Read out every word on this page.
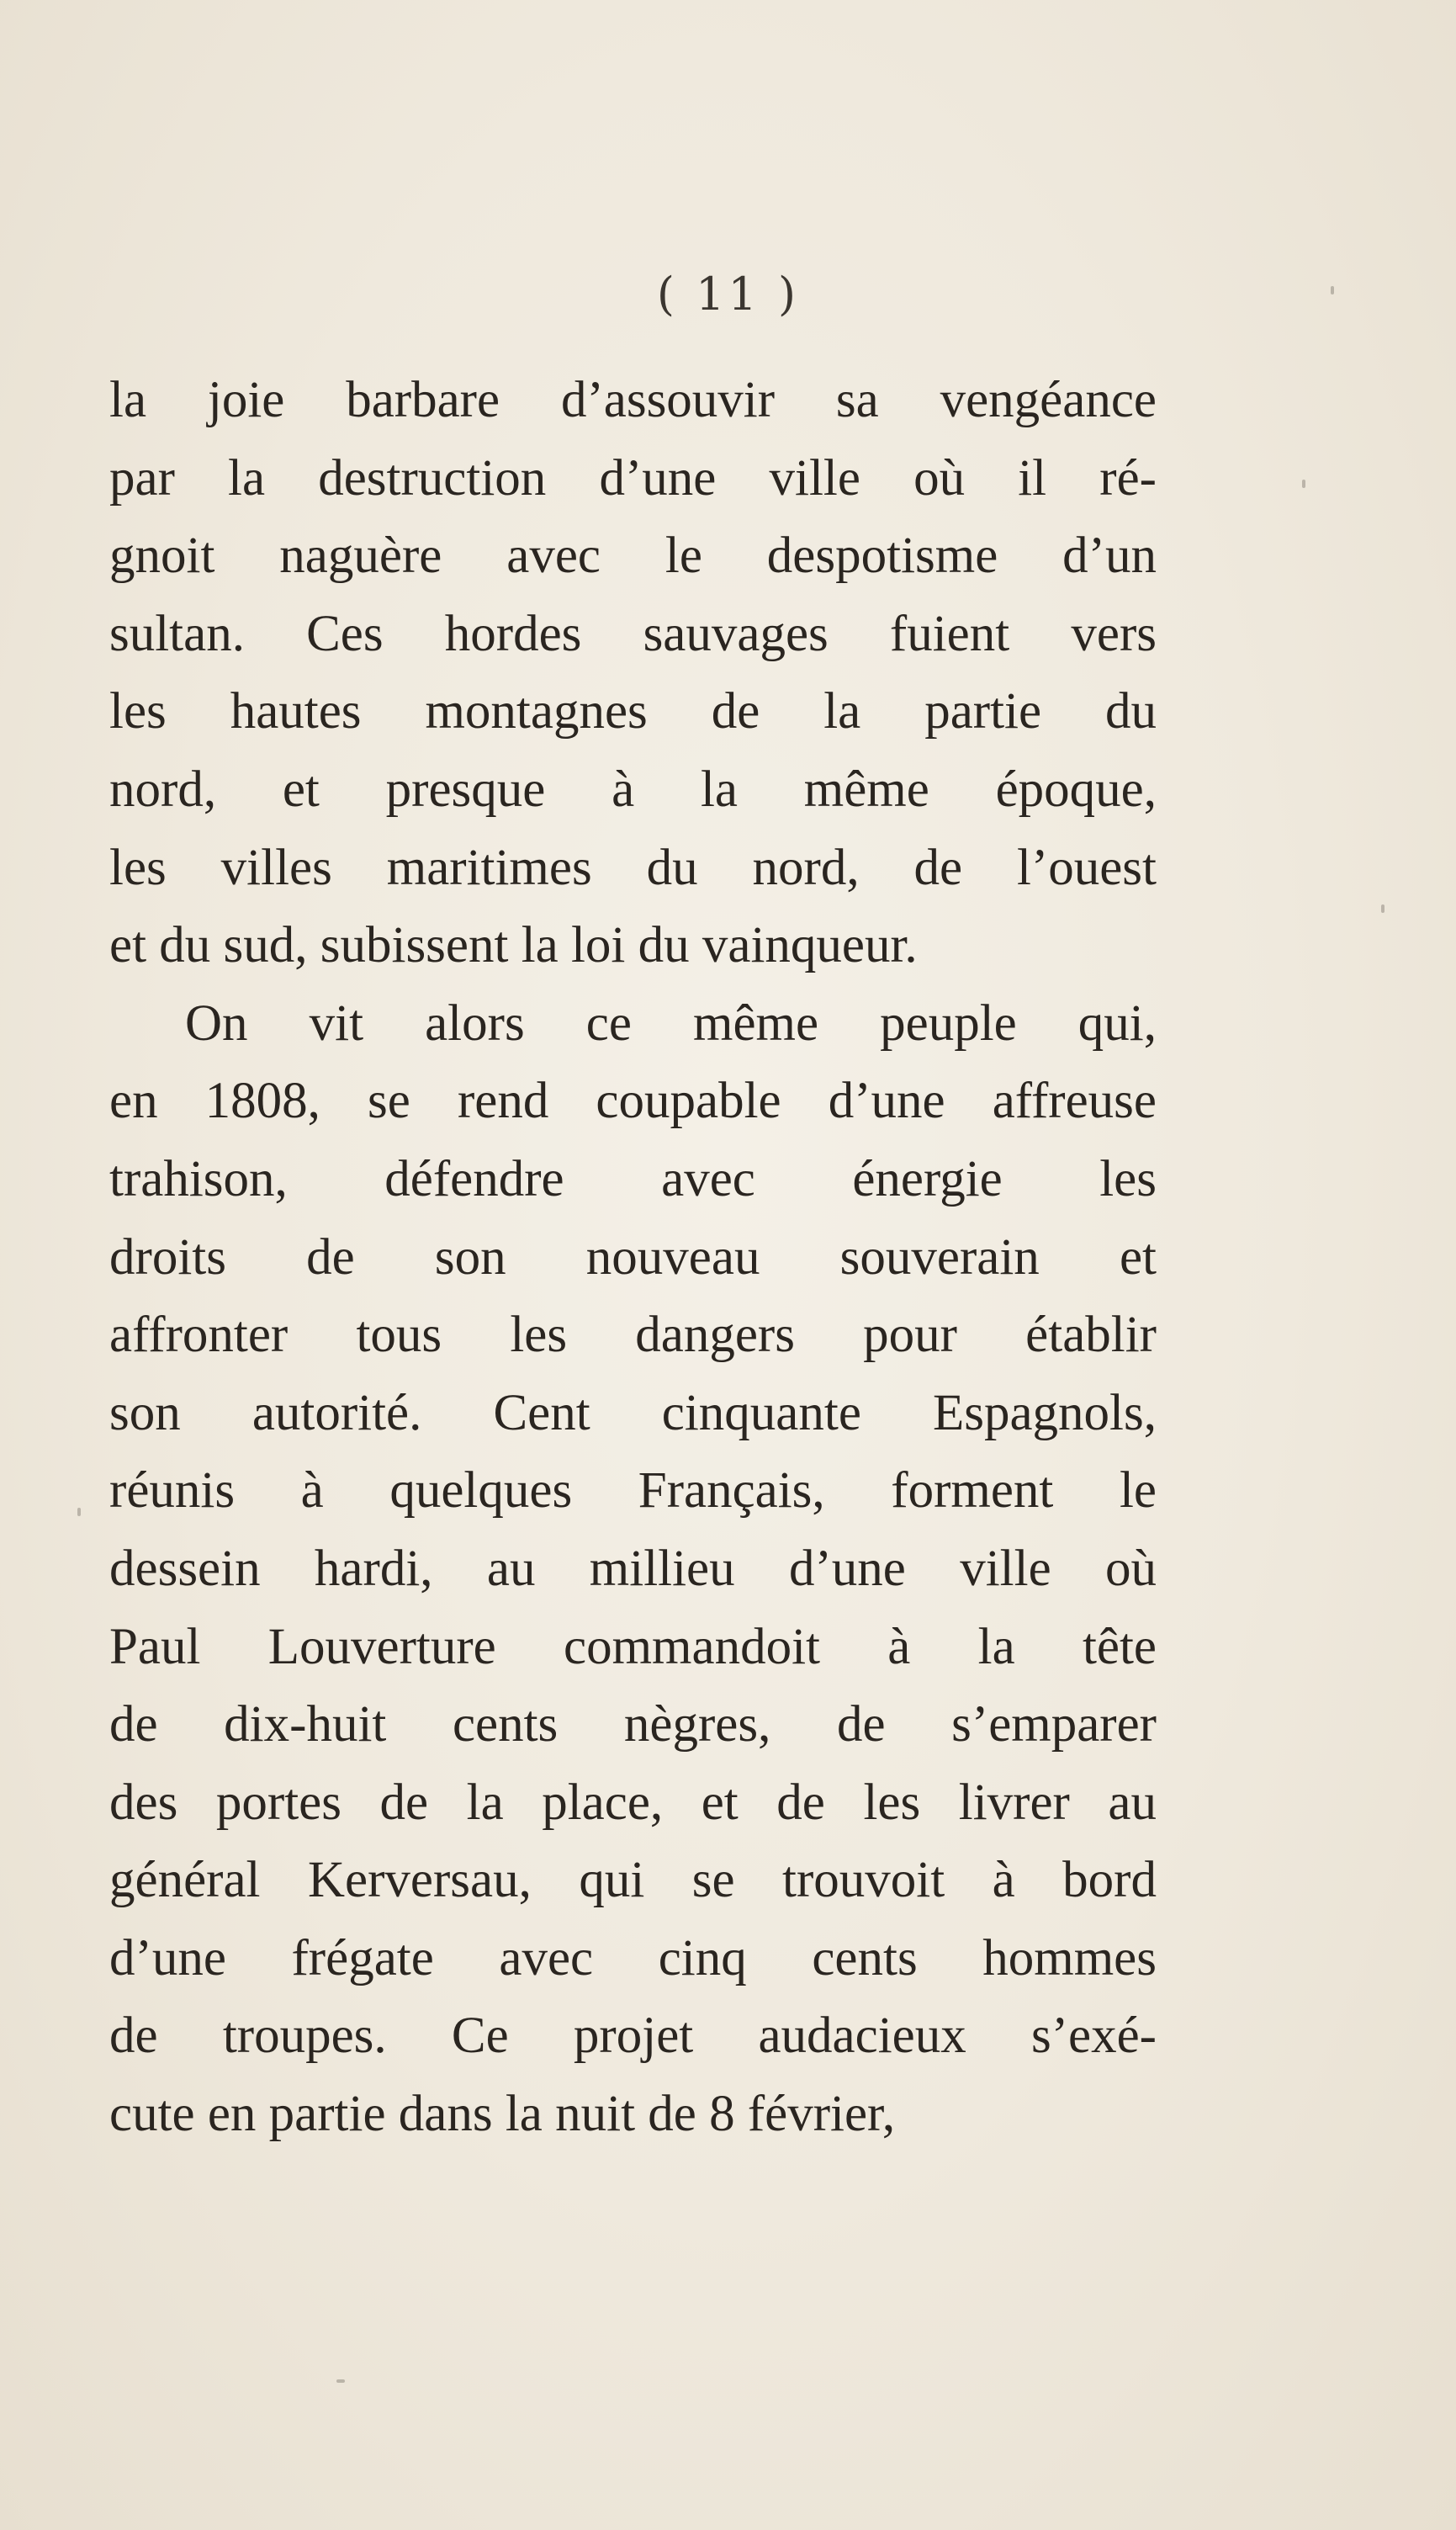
( 11 )
la joie barbare d’assouvir sa vengéance
par la destruction d’une ville où il ré-
gnoit naguère avec le despotisme d’un
sultan. Ces hordes sauvages fuient vers
les hautes montagnes de la partie du
nord, et presque à la même époque,
les villes maritimes du nord, de l’ouest
et du sud, subissent la loi du vainqueur.
On vit alors ce même peuple qui,
en 1808, se rend coupable d’une affreuse
trahison, défendre avec énergie les
droits de son nouveau souverain et
affronter tous les dangers pour établir
son autorité. Cent cinquante Espagnols,
réunis à quelques Français, forment le
dessein hardi, au millieu d’une ville où
Paul Louverture commandoit à la tête
de dix-huit cents nègres, de s’emparer
des portes de la place, et de les livrer au
général Kerversau, qui se trouvoit à bord
d’une frégate avec cinq cents hommes
de troupes. Ce projet audacieux s’exé-
cute en partie dans la nuit de 8 février,
